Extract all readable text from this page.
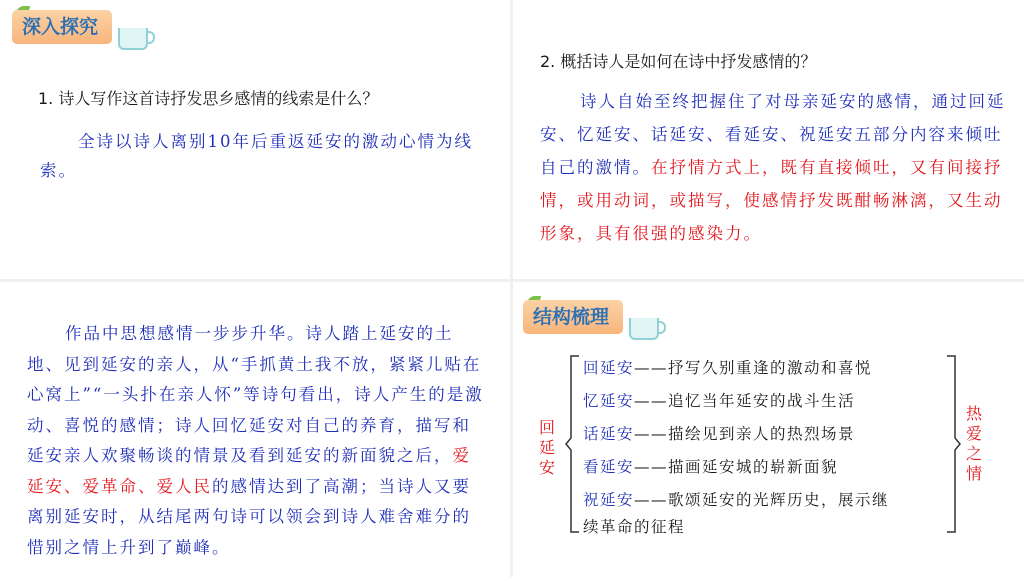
深入探究
1. 诗人写作这首诗抒发思乡感情的线索是什么？

全诗以诗人离别10年后重返延安的激动心情为线索。

2. 概括诗人是如何在诗中抒发感情的？

诗人自始至终把握住了对母亲延安的感情，通过回延安、忆延安、话延安、看延安、祝延安五部分内容来倾吐自己的激情。在抒情方式上，既有直接倾吐，又有间接抒情，或用动词，或描写，使感情抒发既酣畅淋漓，又生动形象，具有很强的感染力。

作品中思想感情一步步升华。诗人踏上延安的土地、见到延安的亲人，从“手抓黄土我不放，紧紧儿贴在心窝上”“一头扑在亲人怀”等诗句看出，诗人产生的是激动、喜悦的感情；诗人回忆延安对自己的养育，描写和延安亲人欢聚畅谈的情景及看到延安的新面貌之后，爱延安、爱革命、爱人民的感情达到了高潮；当诗人又要离别延安时，从结尾两句诗可以领会到诗人难舍难分的惜别之情上升到了巅峰。

结构梳理
回延安
回延安——抒写久别重逢的激动和喜悦
忆延安——追忆当年延安的战斗生活
话延安——描绘见到亲人的热烈场景
看延安——描画延安城的崭新面貌
祝延安——歌颂延安的光辉历史，展示继
续革命的征程
热爱之情
